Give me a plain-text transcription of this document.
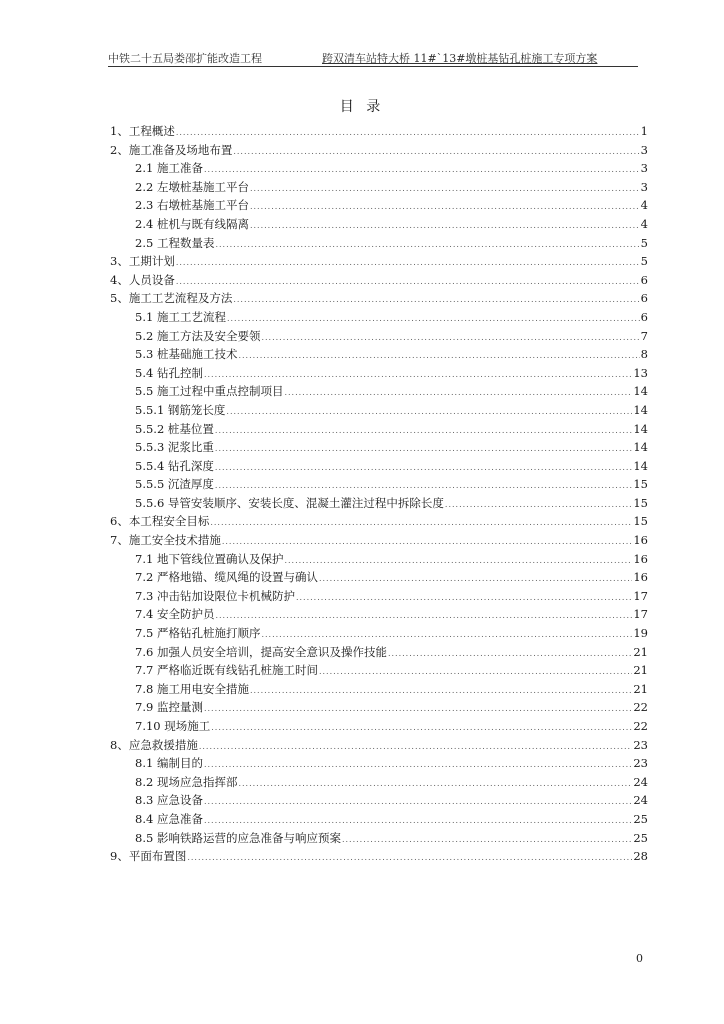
中铁二十五局娄邵扩能改造工程	跨双清车站特大桥 11#`13#墩桩基钻孔桩施工专项方案
目 录
1、工程概述 .....	1
2、施工准备及场地布置 .....	3
2.1 施工准备 .....	3
2.2 左墩桩基施工平台 .....	3
2.3 右墩桩基施工平台 .....	4
2.4 桩机与既有线隔离 .....	4
2.5 工程数量表 .....	5
3、工期计划 .....	5
4、人员设备 .....	6
5、施工工艺流程及方法 .....	6
5.1 施工工艺流程 .....	6
5.2 施工方法及安全要领 .....	7
5.3 桩基础施工技术 .....	8
5.4 钻孔控制 .....	13
5.5 施工过程中重点控制项目 .....	14
5.5.1 钢筋笼长度 .....	14
5.5.2 桩基位置 .....	14
5.5.3 泥浆比重 .....	14
5.5.4 钻孔深度 .....	14
5.5.5 沉渣厚度 .....	15
5.5.6 导管安装顺序、安装长度、混凝土灌注过程中拆除长度 .....	15
6、本工程安全目标 .....	15
7、施工安全技术措施 .....	16
7.1 地下管线位置确认及保护 .....	16
7.2 严格地锚、缆风绳的设置与确认 .....	16
7.3 冲击钻加设限位卡机械防护 .....	17
7.4 安全防护员 .....	17
7.5 严格钻孔桩施打顺序 .....	19
7.6 加强人员安全培训，提高安全意识及操作技能 .....	21
7.7 严格临近既有线钻孔桩施工时间 .....	21
7.8 施工用电安全措施 .....	21
7.9 监控量测 .....	22
7.10 现场施工 .....	22
8、应急救援措施 .....	23
8.1 编制目的 .....	23
8.2 现场应急指挥部 .....	24
8.3 应急设备 .....	24
8.4 应急准备 .....	25
8.5 影响铁路运营的应急准备与响应预案 .....	25
9、平面布置图 .....	28
0
